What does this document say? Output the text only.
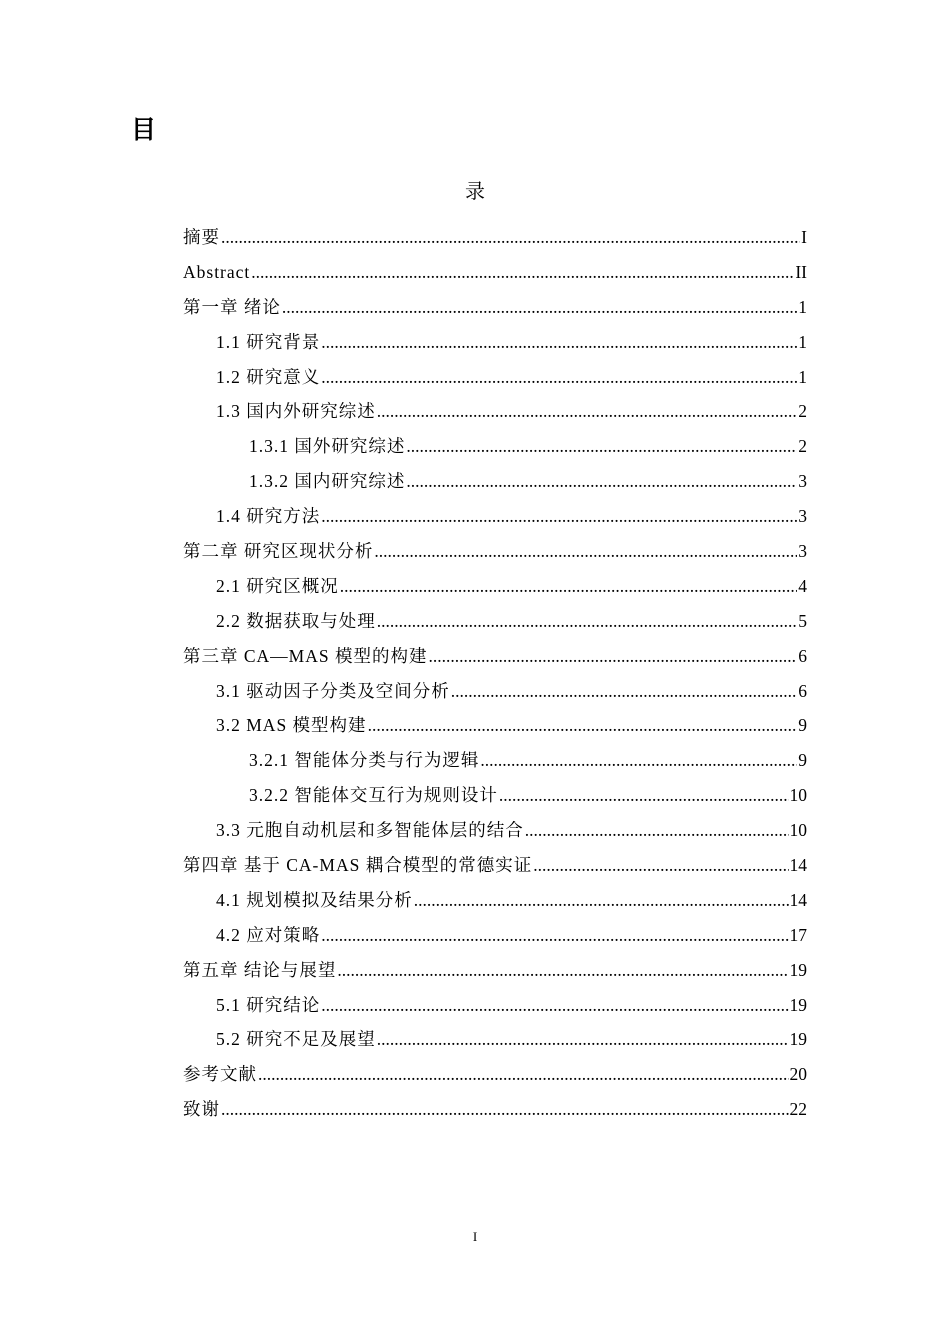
目
录
摘要 .....	I
Abstract .....	II
第一章 绪论 .....	1
1.1 研究背景 .....	1
1.2 研究意义 .....	1
1.3 国内外研究综述 .....	2
1.3.1 国外研究综述 .....	2
1.3.2 国内研究综述 .....	3
1.4 研究方法 .....	3
第二章 研究区现状分析 .....	3
2.1 研究区概况 .....	4
2.2 数据获取与处理 .....	5
第三章 CA—MAS 模型的构建 .....	6
3.1 驱动因子分类及空间分析 .....	6
3.2 MAS 模型构建 .....	9
3.2.1 智能体分类与行为逻辑 .....	9
3.2.2 智能体交互行为规则设计 .....	10
3.3 元胞自动机层和多智能体层的结合 .....	10
第四章 基于 CA-MAS 耦合模型的常德实证 .....	14
4.1 规划模拟及结果分析 .....	14
4.2 应对策略 .....	17
第五章 结论与展望 .....	19
5.1 研究结论 .....	19
5.2 研究不足及展望 .....	19
参考文献 .....	20
致谢 .....	22
I
